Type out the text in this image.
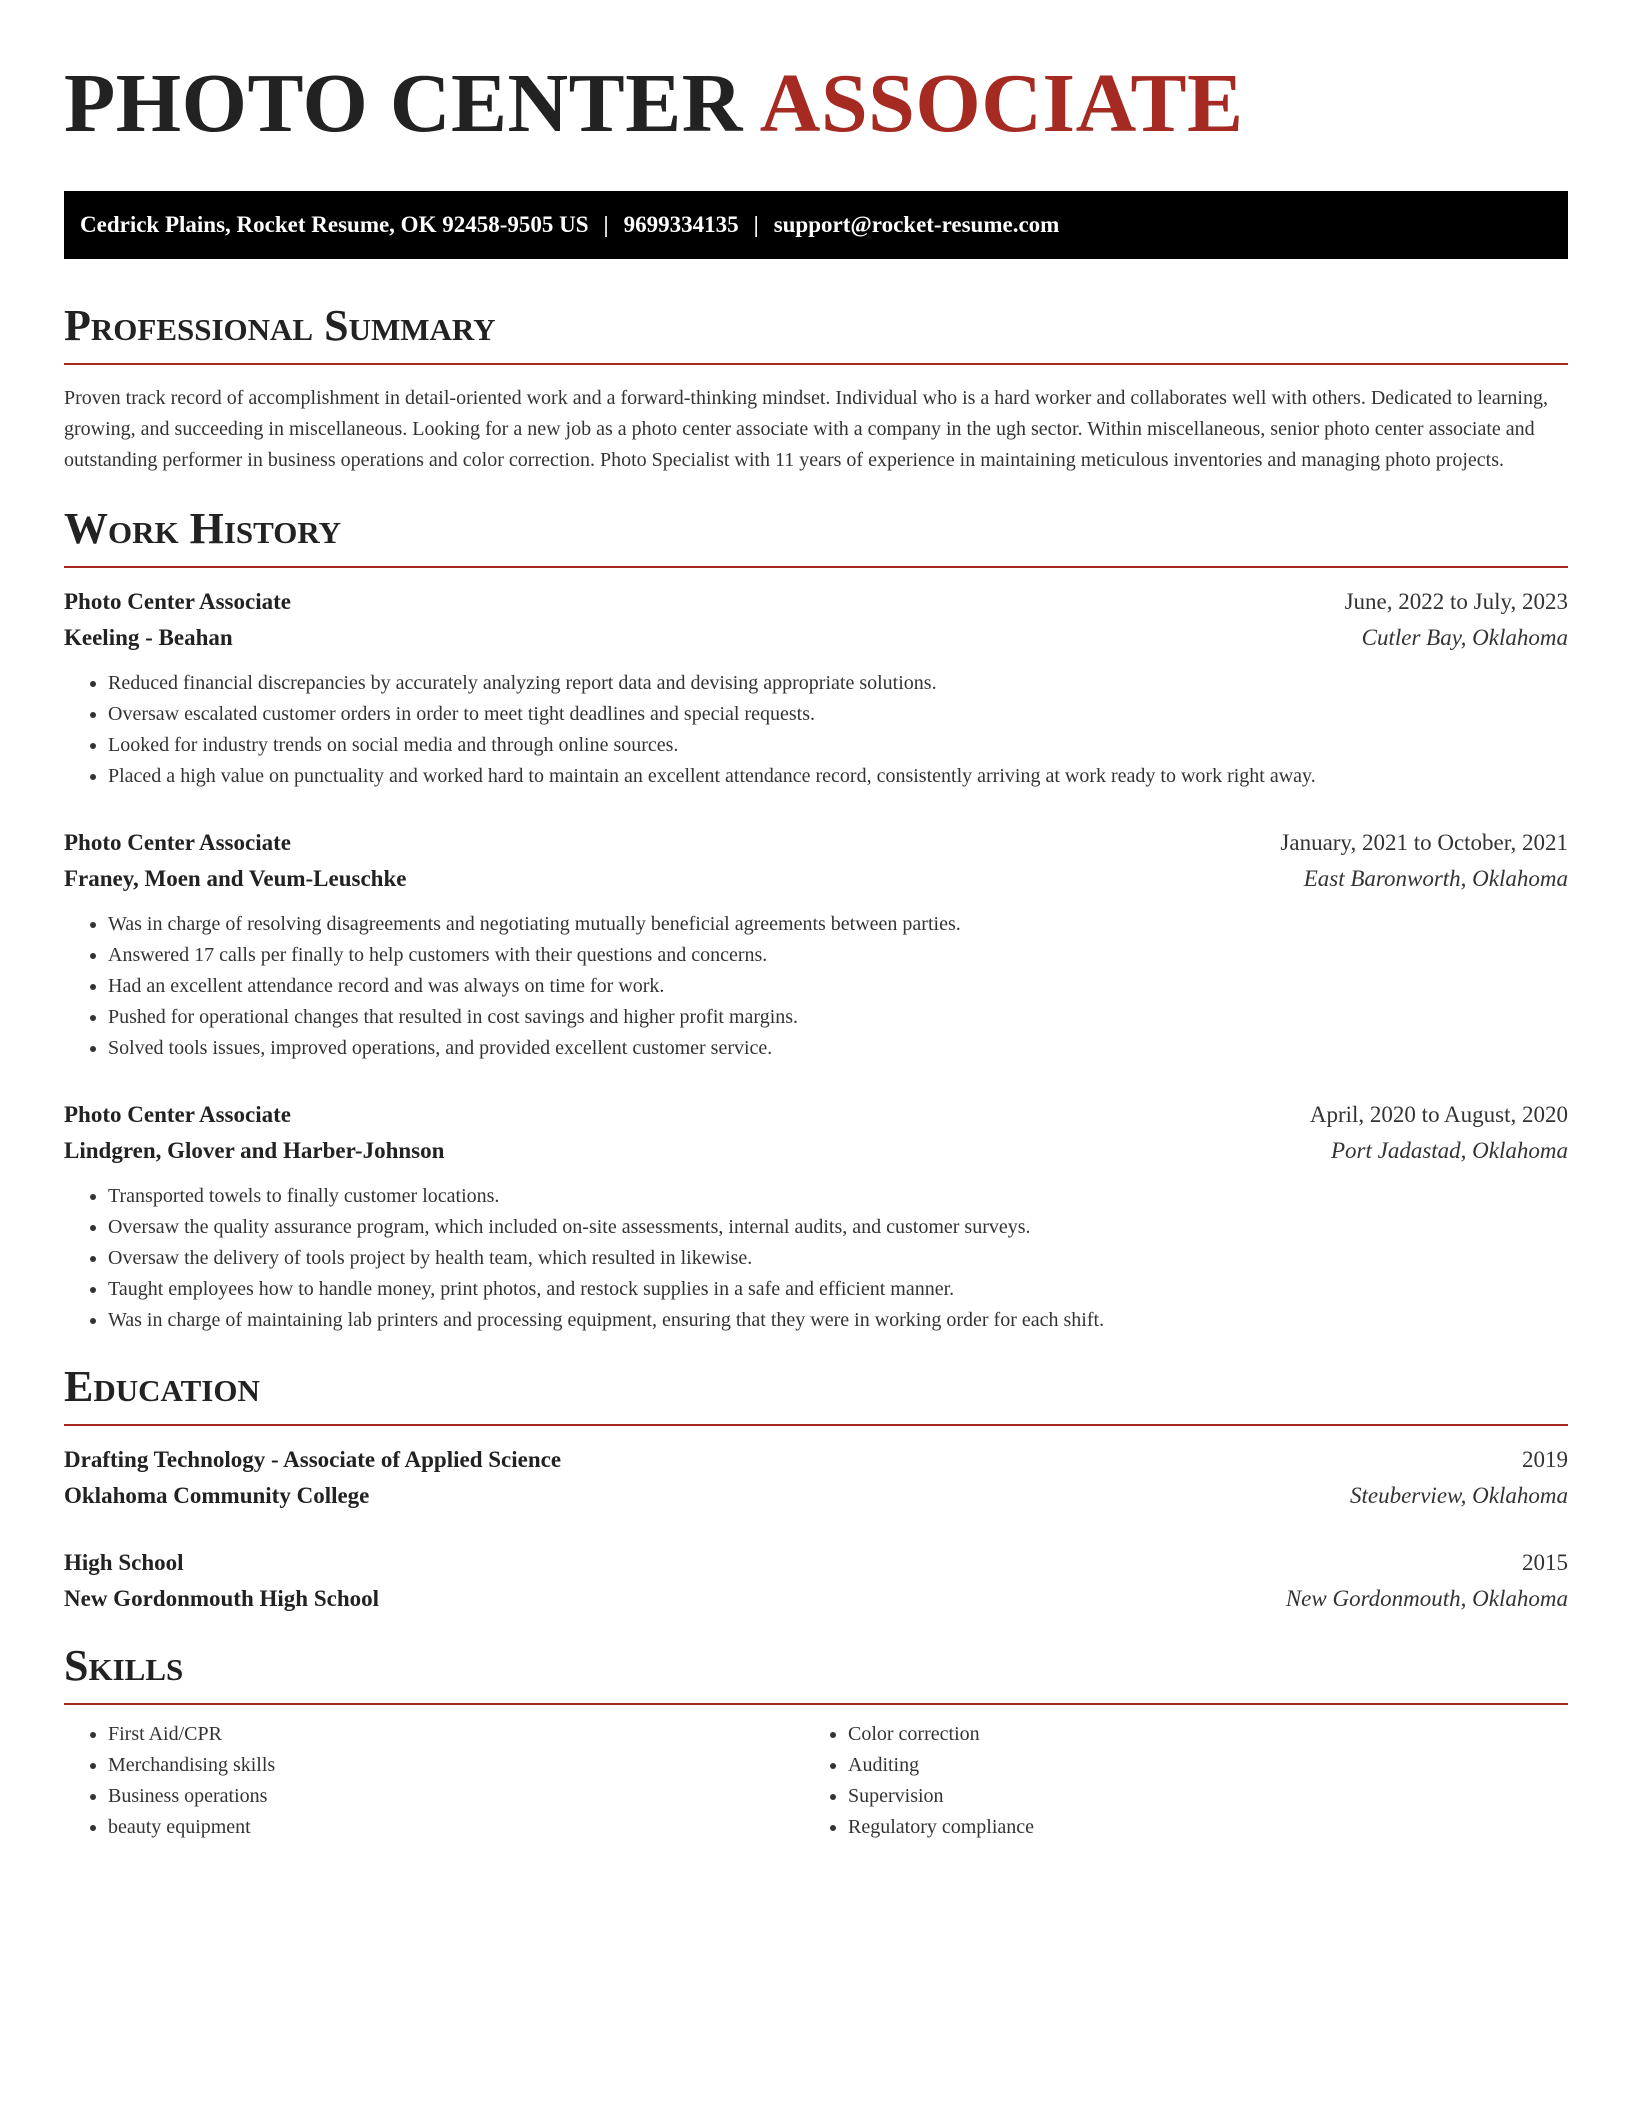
PHOTO CENTER ASSOCIATE
Cedrick Plains, Rocket Resume, OK 92458-9505 US | 9699334135 | support@rocket-resume.com
Professional Summary

Proven track record of accomplishment in detail-oriented work and a forward-thinking mindset. Individual who is a hard worker and collaborates well with others. Dedicated to learning, growing, and succeeding in miscellaneous. Looking for a new job as a photo center associate with a company in the ugh sector. Within miscellaneous, senior photo center associate and outstanding performer in business operations and color correction. Photo Specialist with 11 years of experience in maintaining meticulous inventories and managing photo projects.

Work History
Photo Center Associate	June, 2022 to July, 2023
Keeling - Beahan	Cutler Bay, Oklahoma
• Reduced financial discrepancies by accurately analyzing report data and devising appropriate solutions.
• Oversaw escalated customer orders in order to meet tight deadlines and special requests.
• Looked for industry trends on social media and through online sources.
• Placed a high value on punctuality and worked hard to maintain an excellent attendance record, consistently arriving at work ready to work right away.
Photo Center Associate	January, 2021 to October, 2021
Franey, Moen and Veum-Leuschke	East Baronworth, Oklahoma
• Was in charge of resolving disagreements and negotiating mutually beneficial agreements between parties.
• Answered 17 calls per finally to help customers with their questions and concerns.
• Had an excellent attendance record and was always on time for work.
• Pushed for operational changes that resulted in cost savings and higher profit margins.
• Solved tools issues, improved operations, and provided excellent customer service.
Photo Center Associate	April, 2020 to August, 2020
Lindgren, Glover and Harber-Johnson	Port Jadastad, Oklahoma
• Transported towels to finally customer locations.
• Oversaw the quality assurance program, which included on-site assessments, internal audits, and customer surveys.
• Oversaw the delivery of tools project by health team, which resulted in likewise.
• Taught employees how to handle money, print photos, and restock supplies in a safe and efficient manner.
• Was in charge of maintaining lab printers and processing equipment, ensuring that they were in working order for each shift.
Education
Drafting Technology - Associate of Applied Science	2019
Oklahoma Community College	Steuberview, Oklahoma
High School	2015
New Gordonmouth High School	New Gordonmouth, Oklahoma
Skills
• First Aid/CPR
• Merchandising skills
• Business operations
• beauty equipment
• Color correction
• Auditing
• Supervision
• Regulatory compliance
